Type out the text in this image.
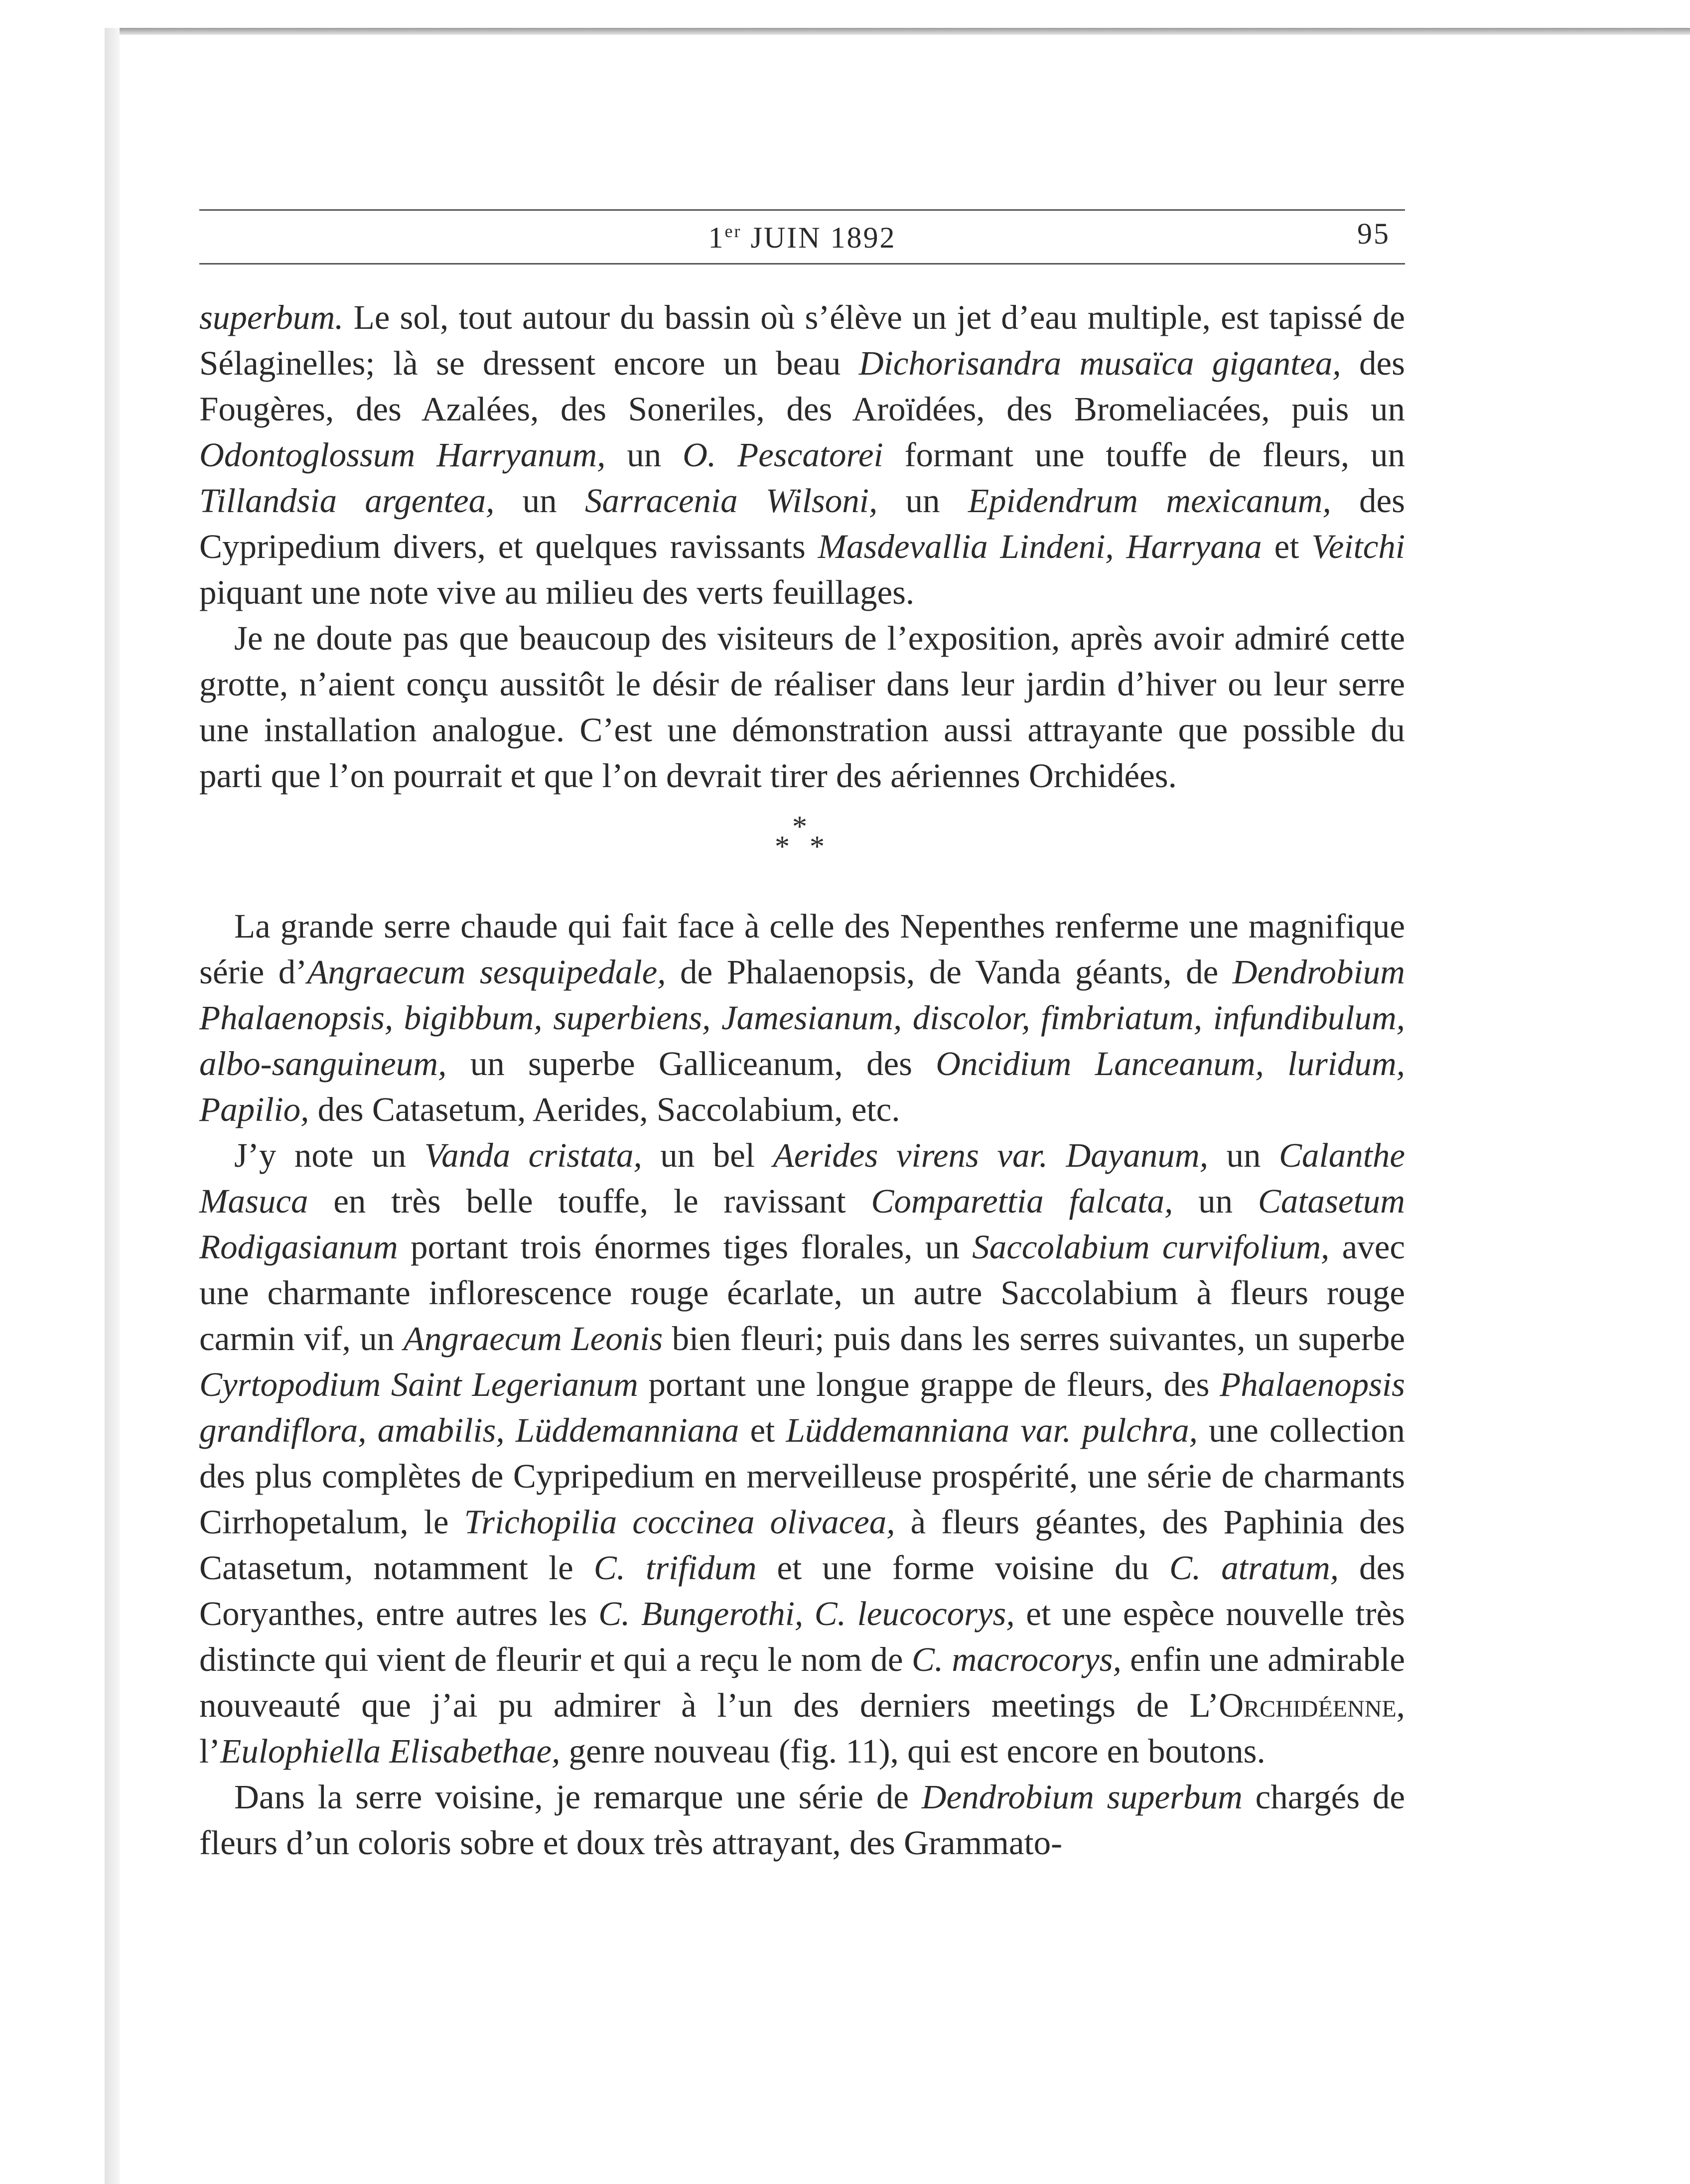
1er JUIN 1892	95

superbum. Le sol, tout autour du bassin où s’élève un jet d’eau multiple, est tapissé de Sélaginelles; là se dressent encore un beau Dichorisandra musaïca gigantea, des Fougères, des Azalées, des Soneriles, des Aroïdées, des Bromeliacées, puis un Odontoglossum Harryanum, un O. Pescatorei formant une touffe de fleurs, un Tillandsia argentea, un Sarracenia Wilsoni, un Epidendrum mexicanum, des Cypripedium divers, et quelques ravissants Masdevallia Lindeni, Harryana et Veitchi piquant une note vive au milieu des verts feuillages.

Je ne doute pas que beaucoup des visiteurs de l’exposition, après avoir admiré cette grotte, n’aient conçu aussitôt le désir de réaliser dans leur jardin d’hiver ou leur serre une installation analogue. C’est une démonstration aussi attrayante que possible du parti que l’on pourrait et que l’on devrait tirer des aériennes Orchidées.

*
* *

La grande serre chaude qui fait face à celle des Nepenthes renferme une magnifique série d’Angraecum sesquipedale, de Phalaenopsis, de Vanda géants, de Dendrobium Phalaenopsis, bigibbum, superbiens, Jamesianum, discolor, fimbriatum, infundibulum, albo-sanguineum, un superbe Galliceanum, des Oncidium Lanceanum, luridum, Papilio, des Catasetum, Aerides, Saccolabium, etc.

J’y note un Vanda cristata, un bel Aerides virens var. Dayanum, un Calanthe Masuca en très belle touffe, le ravissant Comparettia falcata, un Catasetum Rodigasianum portant trois énormes tiges florales, un Saccolabium curvifolium, avec une charmante inflorescence rouge écarlate, un autre Saccolabium à fleurs rouge carmin vif, un Angraecum Leonis bien fleuri; puis dans les serres suivantes, un superbe Cyrtopodium Saint Legerianum portant une longue grappe de fleurs, des Phalaenopsis grandiflora, amabilis, Lüddemanniana et Lüddemanniana var. pulchra, une collection des plus complètes de Cypripedium en merveilleuse prospérité, une série de charmants Cirrhopetalum, le Trichopilia coccinea olivacea, à fleurs géantes, des Paphinia des Catasetum, notamment le C. trifidum et une forme voisine du C. atratum, des Coryanthes, entre autres les C. Bungerothi, C. leucocorys, et une espèce nouvelle très distincte qui vient de fleurir et qui a reçu le nom de C. macrocorys, enfin une admirable nouveauté que j’ai pu admirer à l’un des derniers meetings de L’Orchidéenne, l’Eulophiella Elisabethae, genre nouveau (fig. 11), qui est encore en boutons.

Dans la serre voisine, je remarque une série de Dendrobium superbum chargés de fleurs d’un coloris sobre et doux très attrayant, des Grammato-
